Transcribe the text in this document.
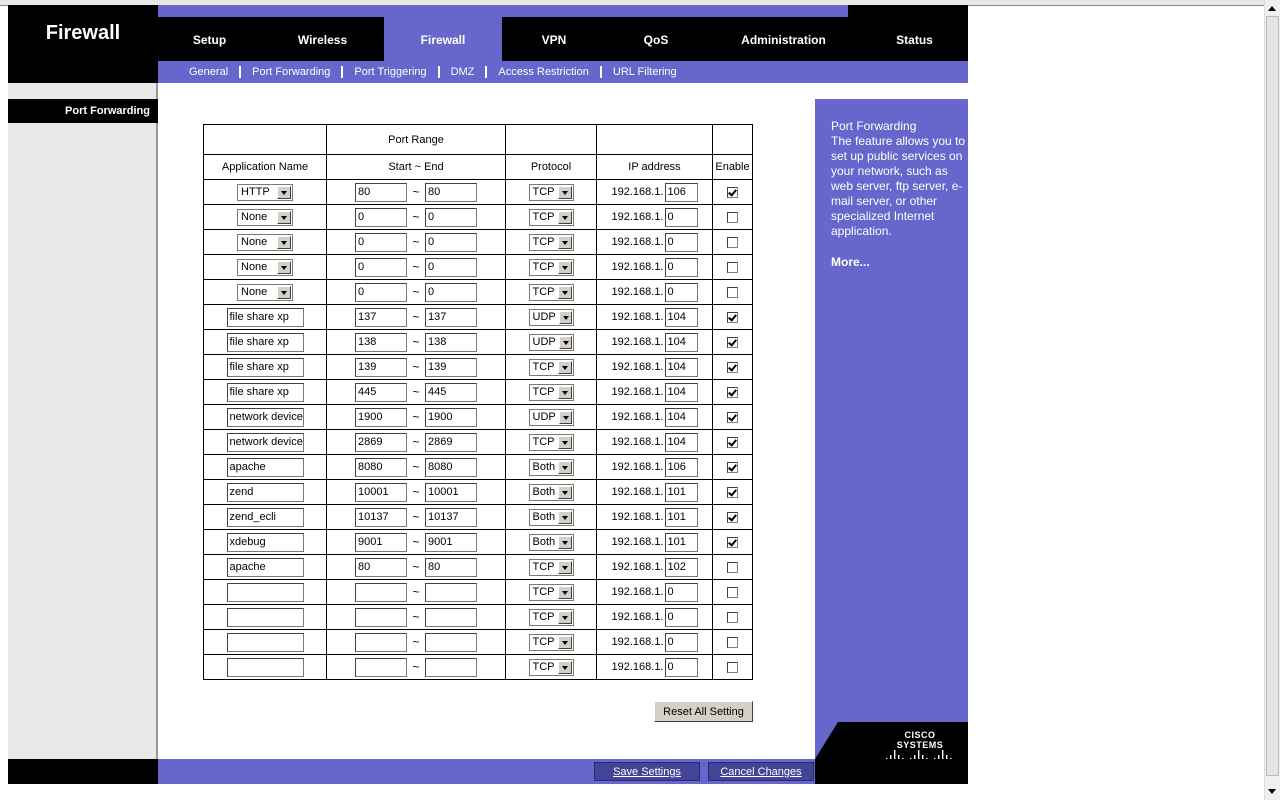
Firewall	Setup	Wireless	Firewall	VPN	QoS	Administration	Status
General	Port Forwarding	Port Triggering	DMZ	Access Restriction	URL Filtering
Port Forwarding
Port Forwarding
The feature allows you to set up public services on your network, such as web server, ftp server, e-mail server, or other specialized Internet application.
More...
	Port Range			
Application Name	Start ~ End	Protocol	IP address	Enable

HTTP	80 ~ 80	TCP	192.168.1. 106	

None	0 ~ 0	TCP	192.168.1. 0	

None	0 ~ 0	TCP	192.168.1. 0	

None	0 ~ 0	TCP	192.168.1. 0	

None	0 ~ 0	TCP	192.168.1. 0	

file share xp	137 ~ 137	UDP	192.168.1. 104	

file share xp	138 ~ 138	UDP	192.168.1. 104	

file share xp	139 ~ 139	TCP	192.168.1. 104	

file share xp	445 ~ 445	TCP	192.168.1. 104	

network device	1900 ~ 1900	UDP	192.168.1. 104	

network device	2869 ~ 2869	TCP	192.168.1. 104	

apache	8080 ~ 8080	Both	192.168.1. 106	

zend	10001 ~ 10001	Both	192.168.1. 101	

zend_ecli	10137 ~ 10137	Both	192.168.1. 101	

xdebug	9001 ~ 9001	Both	192.168.1. 101	

apache	80 ~ 80	TCP	192.168.1. 102	

	~	TCP	192.168.1. 0	

	~	TCP	192.168.1. 0	

	~	TCP	192.168.1. 0	

	~	TCP	192.168.1. 0	

Reset All Setting
CISCO SYSTEMS
Save Settings	Cancel Changes
